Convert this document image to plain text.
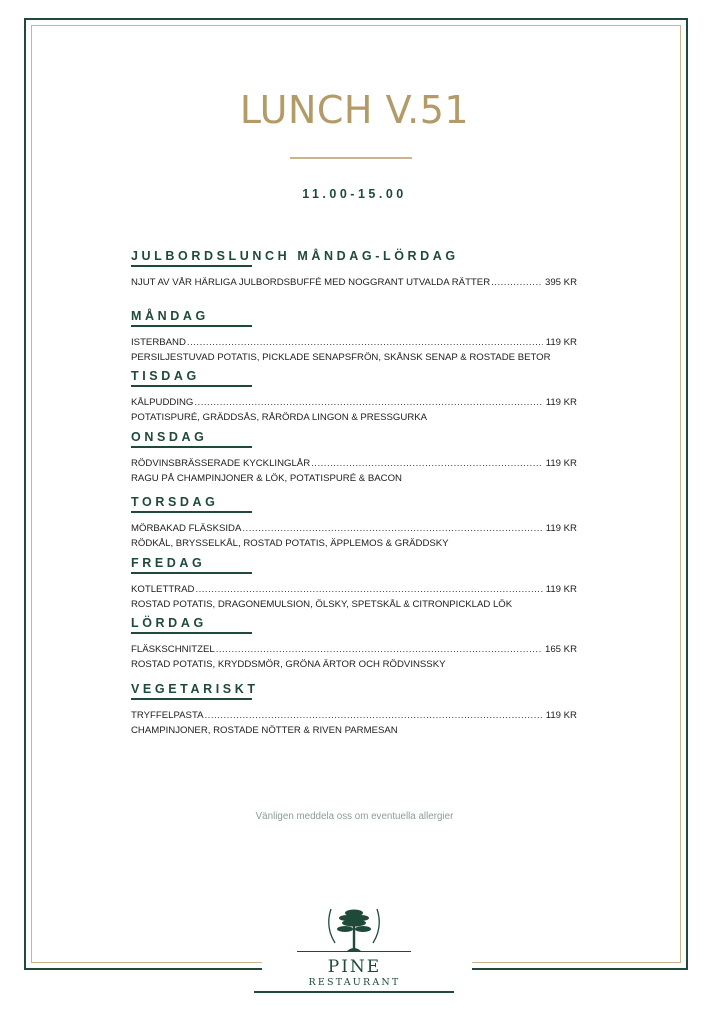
LUNCH V.51
11.00-15.00
JULBORDSLUNCH MÅNDAG-LÖRDAG
NJUT AV VÅR HÄRLIGA JULBORDSBUFFÉ MED NOGGRANT UTVALDA RÄTTER .....	395 KR
MÅNDAG
ISTERBAND .....	119 KR
PERSILJESTUVAD POTATIS, PICKLADE SENAPSFRÖN, SKÅNSK SENAP & ROSTADE BETOR
TISDAG
KÅLPUDDING .....	119 KR
POTATISPURÉ, GRÄDDSÅS, RÅRÖRDA LINGON & PRESSGURKA
ONSDAG
RÖDVINSBRÄSSERADE KYCKLINGLÅR .....	119 KR
RAGU PÅ CHAMPINJONER & LÖK, POTATISPURÉ & BACON
TORSDAG
MÖRBAKAD FLÄSKSIDA .....	119 KR
RÖDKÅL, BRYSSELKÅL, ROSTAD POTATIS, ÄPPLEMOS & GRÄDDSKY
FREDAG
KOTLETTRAD .....	119 KR
ROSTAD POTATIS, DRAGONEMULSION, ÖLSKY, SPETSKÅL & CITRONPICKLAD LÖK
LÖRDAG
FLÄSKSCHNITZEL .....	165 KR
ROSTAD POTATIS, KRYDDSMÖR, GRÖNA ÄRTOR OCH RÖDVINSSKY
VEGETARISKT
TRYFFELPASTA .....	119 KR
CHAMPINJONER, ROSTADE NÖTTER & RIVEN PARMESAN
Vänligen meddela oss om eventuella allergier
PINE
RESTAURANT
